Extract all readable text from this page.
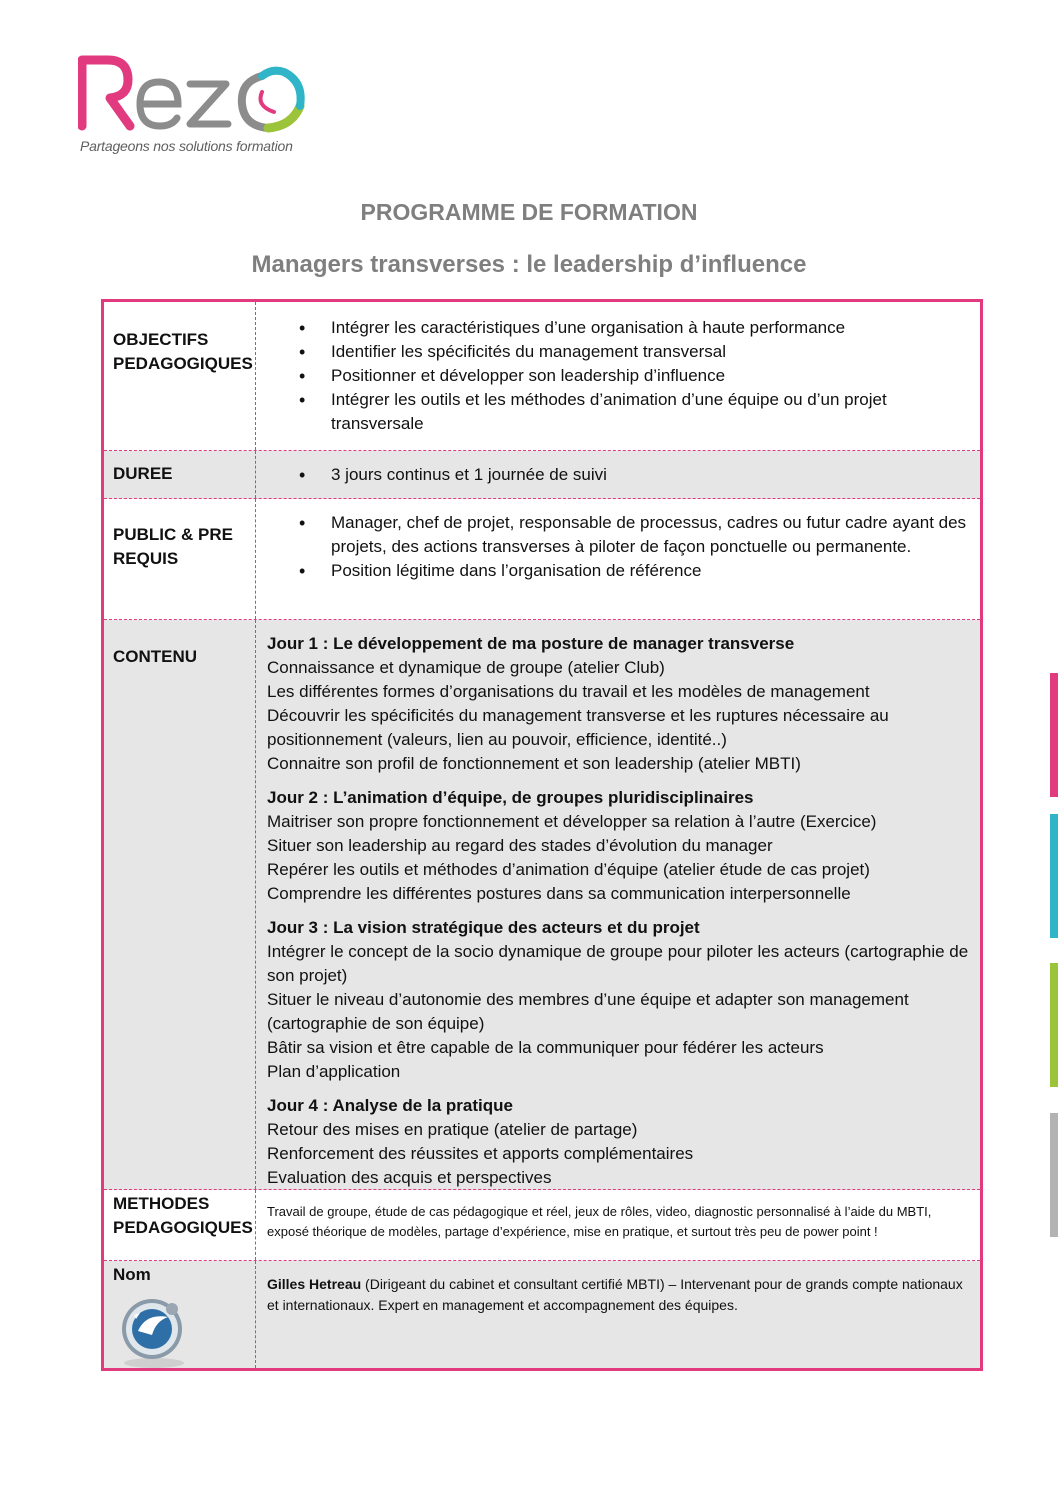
Partageons nos solutions formation
PROGRAMME DE FORMATION
Managers transverses : le leadership d’influence
OBJECTIFS PEDAGOGIQUES
• Intégrer les caractéristiques d’une organisation à haute performance
• Identifier les spécificités du management transversal
• Positionner et développer son leadership d’influence
• Intégrer les outils et les méthodes d’animation d’une équipe ou d’un projet transversale
DUREE
•	3 jours continus et 1 journée de suivi
PUBLIC & PRE REQUIS
• Manager, chef de projet, responsable de processus, cadres ou futur cadre ayant des projets, des actions transverses à piloter de façon ponctuelle ou permanente.
• Position légitime dans l’organisation de référence
CONTENU
Jour 1 : Le développement de ma posture de manager transverse
Connaissance et dynamique de groupe (atelier Club)
Les différentes formes d’organisations du travail et les modèles de management
Découvrir les spécificités du management transverse et les ruptures nécessaire au positionnement (valeurs, lien au pouvoir, efficience, identité..)
Connaitre son profil de fonctionnement et son leadership (atelier MBTI)
Jour 2 : L’animation d’équipe, de groupes pluridisciplinaires
Maitriser son propre fonctionnement et développer sa relation à l’autre (Exercice)
Situer son leadership au regard des stades d’évolution du manager
Repérer les outils et méthodes d’animation d’équipe (atelier étude de cas projet)
Comprendre les différentes postures dans sa communication interpersonnelle
Jour 3 : La vision stratégique des acteurs et du projet
Intégrer le concept de la socio dynamique de groupe pour piloter les acteurs (cartographie de son projet)
Situer le niveau d’autonomie des membres d’une équipe et adapter son management (cartographie de son équipe)
Bâtir sa vision et être capable de la communiquer pour fédérer les acteurs
Plan d’application
Jour 4 : Analyse de la pratique
Retour des mises en pratique (atelier de partage)
Renforcement des réussites et apports complémentaires
Evaluation des acquis et perspectives
METHODES PEDAGOGIQUES
Travail de groupe, étude de cas pédagogique et réel, jeux de rôles, video, diagnostic personnalisé à l’aide du MBTI, exposé théorique de modèles, partage d’expérience, mise en pratique, et surtout très peu de power point !
Nom	Gilles Hetreau (Dirigeant du cabinet et consultant certifié MBTI) – Intervenant pour de grands compte nationaux et internationaux. Expert en management et accompagnement des équipes.
